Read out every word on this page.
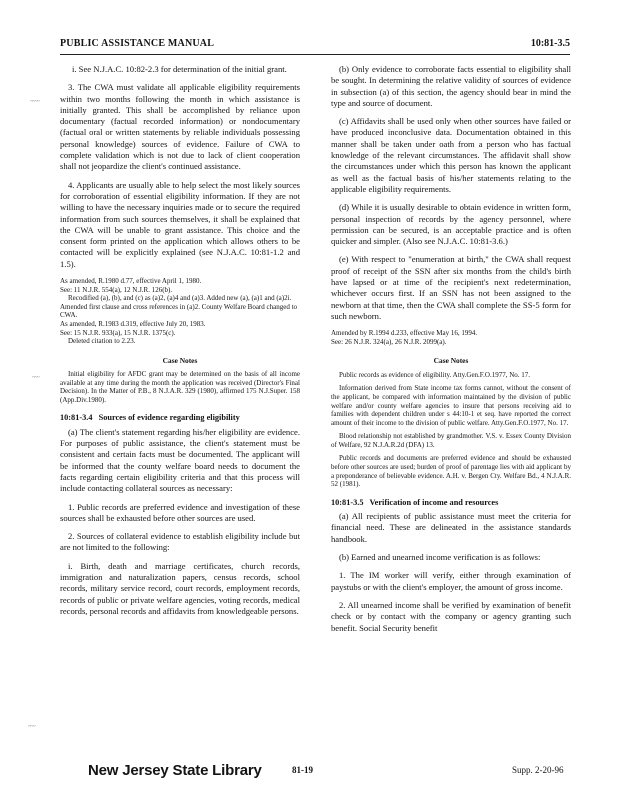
PUBLIC ASSISTANCE MANUAL	10:81-3.5
~~~~
~~~
~~~

i. See N.J.A.C. 10:82-2.3 for determination of the initial grant.

3. The CWA must validate all applicable eligibility requirements within two months following the month in which assistance is initially granted. This shall be accomplished by reliance upon documentary (factual recorded information) or nondocumentary (factual oral or written statements by reliable individuals possessing personal knowledge) sources of evidence. Failure of CWA to complete validation which is not due to lack of client cooperation shall not jeopardize the client's continued assistance.

4. Applicants are usually able to help select the most likely sources for corroboration of essential eligibility information. If they are not willing to have the necessary inquiries made or to secure the required information from such sources themselves, it shall be explained that the CWA will be unable to grant assistance. This choice and the consent form printed on the application which allows others to be contacted will be explicitly explained (see N.J.A.C. 10:81-1.2 and 1.5).

As amended, R.1980 d.77, effective April 1, 1980.

See: 11 N.J.R. 554(a), 12 N.J.R. 126(b).

Recodified (a), (b), and (c) as (a)2, (a)4 and (a)3. Added new (a), (a)1 and (a)2i.

Amended first clause and cross references in (a)2. County Welfare Board changed to CWA.

As amended, R.1983 d.319, effective July 20, 1983.

See: 15 N.J.R. 933(a), 15 N.J.R. 1375(c).

Deleted citation to 2.23.

Case Notes

Initial eligibility for AFDC grant may be determined on the basis of all income available at any time during the month the application was received (Director's Final Decision). In the Matter of P.B., 8 N.J.A.R. 329 (1980), affirmed 175 N.J.Super. 158 (App.Div.1980).

10:81-3.4 Sources of evidence regarding eligibility

(a) The client's statement regarding his/her eligibility are evidence. For purposes of public assistance, the client's statement must be consistent and certain facts must be documented. The applicant will be informed that the county welfare board needs to document the facts regarding certain eligibility criteria and that this process will include contacting collateral sources as necessary:

1. Public records are preferred evidence and investigation of these sources shall be exhausted before other sources are used.

2. Sources of collateral evidence to establish eligibility include but are not limited to the following:

i. Birth, death and marriage certificates, church records, immigration and naturalization papers, census records, school records, military service record, court records, employment records, records of public or private welfare agencies, voting records, medical records, personal records and affidavits from knowledgeable persons.

(b) Only evidence to corroborate facts essential to eligibility shall be sought. In determining the relative validity of sources of evidence in subsection (a) of this section, the agency should bear in mind the type and source of document.

(c) Affidavits shall be used only when other sources have failed or have produced inconclusive data. Documentation obtained in this manner shall be taken under oath from a person who has factual knowledge of the relevant circumstances. The affidavit shall show the circumstances under which this person has known the applicant as well as the factual basis of his/her statements relating to the applicable eligibility requirements.

(d) While it is usually desirable to obtain evidence in written form, personal inspection of records by the agency personnel, where permission can be secured, is an acceptable practice and is often quicker and simpler. (Also see N.J.A.C. 10:81-3.6.)

(e) With respect to "enumeration at birth," the CWA shall request proof of receipt of the SSN after six months from the child's birth have lapsed or at time of the recipient's next redetermination, whichever occurs first. If an SSN has not been assigned to the newborn at that time, then the CWA shall complete the SS-5 form for such newborn.

Amended by R.1994 d.233, effective May 16, 1994.

See: 26 N.J.R. 324(a), 26 N.J.R. 2099(a).

Case Notes

Public records as evidence of eligibility. Atty.Gen.F.O.1977, No. 17.

Information derived from State income tax forms cannot, without the consent of the applicant, be compared with information maintained by the division of public welfare and/or county welfare agencies to insure that persons receiving aid to families with dependent children under s 44:10-1 et seq. have reported the correct amount of their income to the division of public welfare. Atty.Gen.F.O.1977, No. 17.

Blood relationship not established by grandmother. V.S. v. Essex County Division of Welfare, 92 N.J.A.R.2d (DFA) 13.

Public records and documents are preferred evidence and should be exhausted before other sources are used; burden of proof of parentage lies with aid applicant by a preponderance of believable evidence. A.H. v. Bergen Cty. Welfare Bd., 4 N.J.A.R. 52 (1981).

10:81-3.5 Verification of income and resources

(a) All recipients of public assistance must meet the criteria for financial need. These are delineated in the assistance standards handbook.

(b) Earned and unearned income verification is as follows:

1. The IM worker will verify, either through examination of paystubs or with the client's employer, the amount of gross income.

2. All unearned income shall be verified by examination of benefit check or by contact with the company or agency granting such benefit. Social Security benefit

New Jersey State Library	81-19	Supp. 2-20-96
